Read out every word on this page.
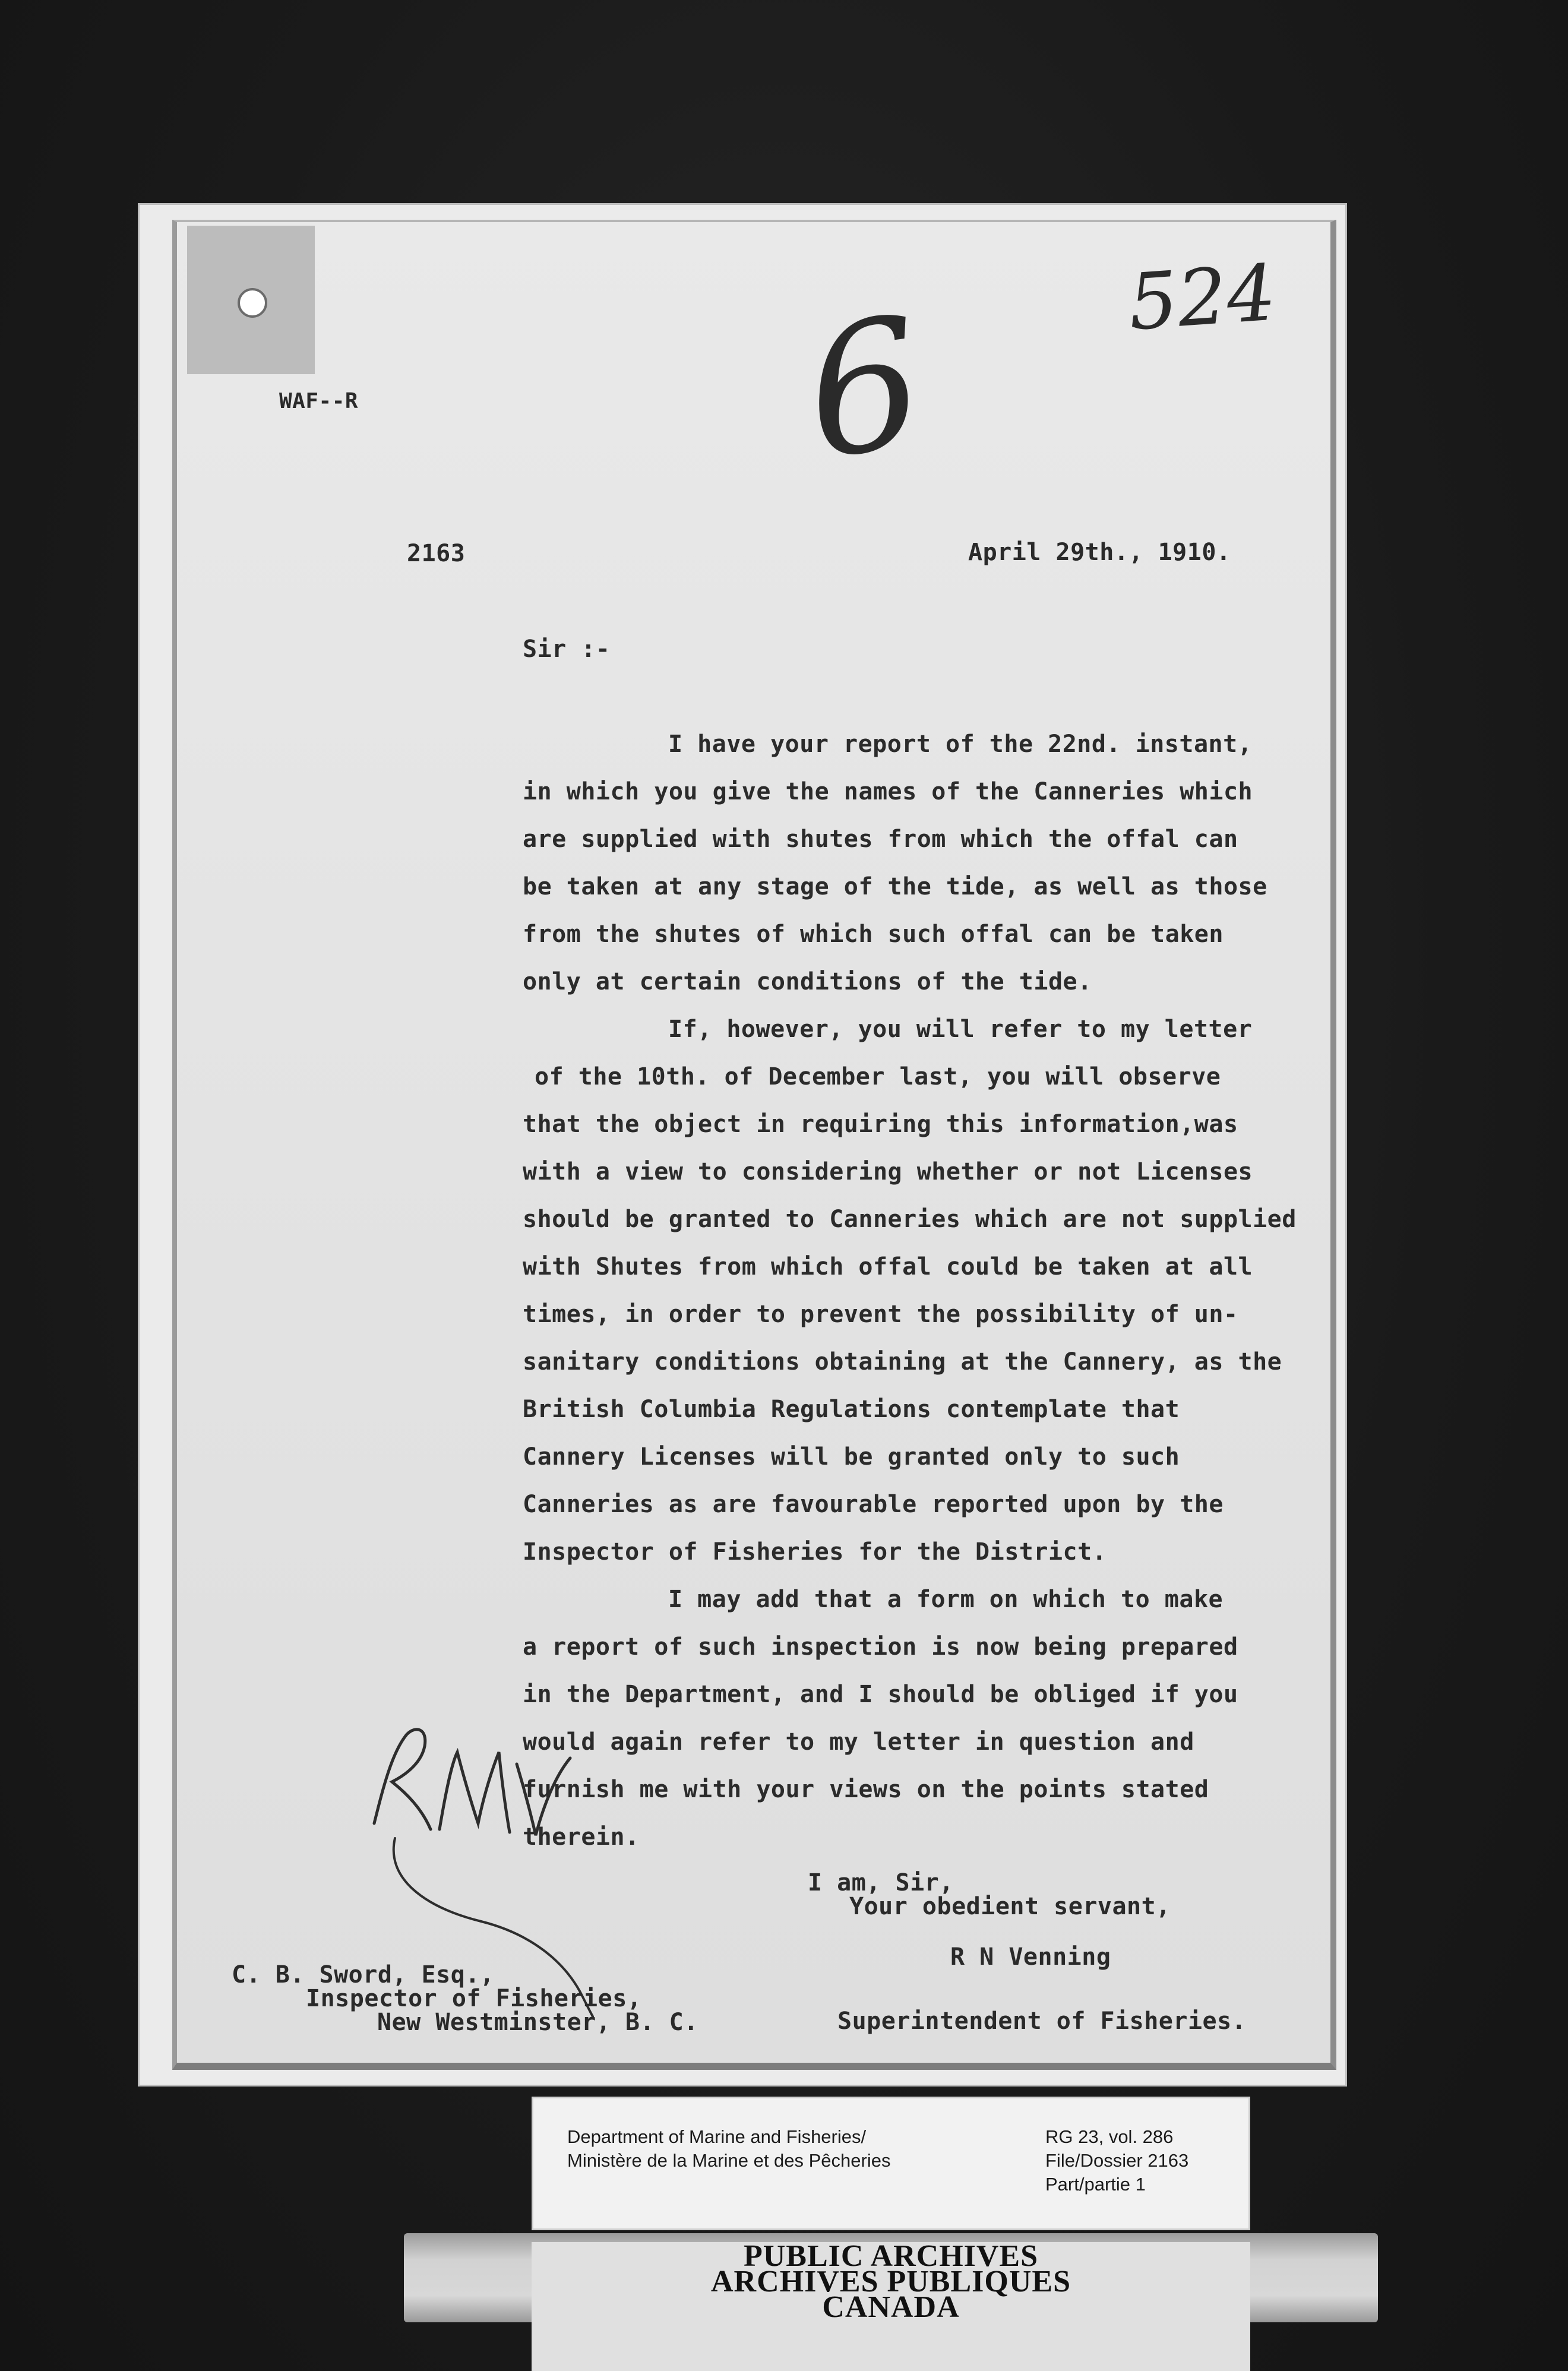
524
6
WAF--R
2163	April 29th., 1910.
Sir :-
I have your report of the 22nd. instant,
in which you give the names of the Canneries which
are supplied with shutes from which the offal can
be taken at any stage of the tide, as well as those
from the shutes of which such offal can be taken
only at certain conditions of the tide.
If, however, you will refer to my letter
of the 10th. of December last, you will observe
that the object in requiring this information,was
with a view to considering whether or not Licenses
should be granted to Canneries which are not supplied
with Shutes from which offal could be taken at all
times, in order to prevent the possibility of un-
sanitary conditions obtaining at the Cannery, as the
British Columbia Regulations contemplate that
Cannery Licenses will be granted only to such
Canneries as are favourable reported upon by the
Inspector of Fisheries for the District.
I may add that a form on which to make
a report of such inspection is now being prepared
in the Department, and I should be obliged if you
would again refer to my letter in question and
furnish me with your views on the points stated
therein.
I am, Sir,
Your obedient servant,
R N Venning
C. B. Sword, Esq.,
Inspector of Fisheries,
New Westminster, B. C.	Superintendent of Fisheries.
Department of Marine and Fisheries/
Ministère de la Marine et des Pêcheries
RG 23, vol. 286
File/Dossier 2163
Part/partie 1
PUBLIC ARCHIVES
ARCHIVES PUBLIQUES
CANADA
